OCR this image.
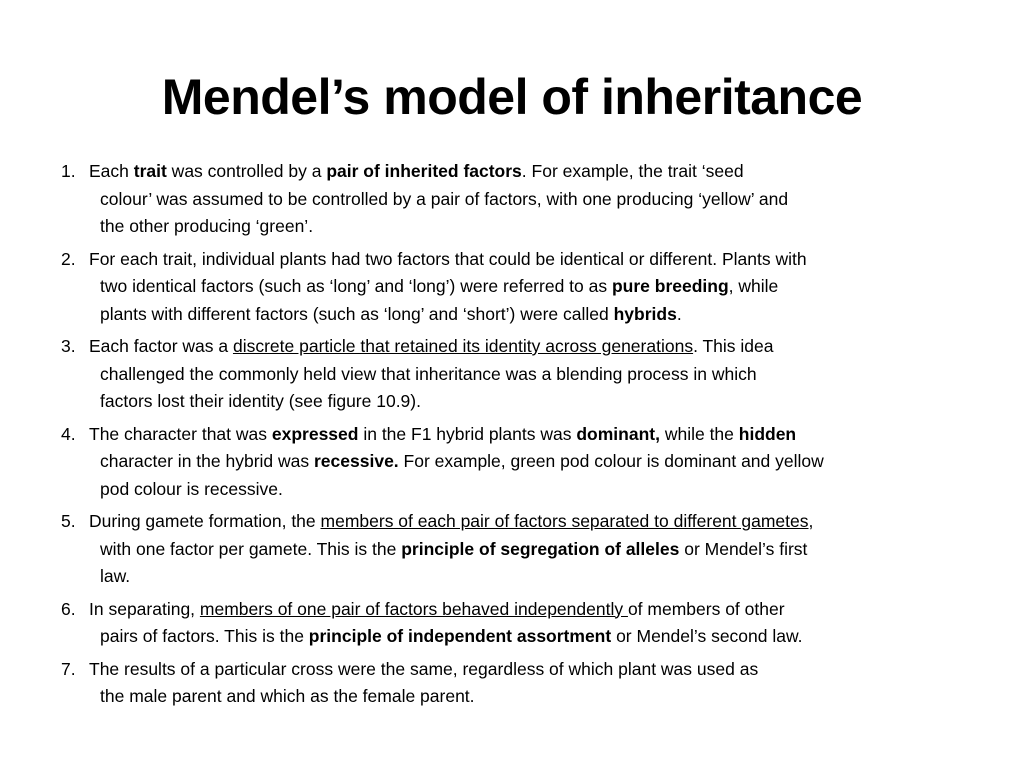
Mendel’s model of inheritance
1. Each trait was controlled by a pair of inherited factors. For example, the trait ‘seed
colour’ was assumed to be controlled by a pair of factors, with one producing ‘yellow’ and
the other producing ‘green’.
2. For each trait, individual plants had two factors that could be identical or different. Plants with
two identical factors (such as ‘long’ and ‘long’) were referred to as pure breeding, while
plants with different factors (such as ‘long’ and ‘short’) were called hybrids.
3. Each factor was a discrete particle that retained its identity across generations. This idea
challenged the commonly held view that inheritance was a blending process in which
factors lost their identity (see figure 10.9).
4. The character that was expressed in the F1 hybrid plants was dominant, while the hidden
character in the hybrid was recessive. For example, green pod colour is dominant and yellow
pod colour is recessive.
5. During gamete formation, the members of each pair of factors separated to different gametes,
with one factor per gamete. This is the principle of segregation of alleles or Mendel’s first
law.
6. In separating, members of one pair of factors behaved independently of members of other
pairs of factors. This is the principle of independent assortment or Mendel’s second law.
7. The results of a particular cross were the same, regardless of which plant was used as
the male parent and which as the female parent.
